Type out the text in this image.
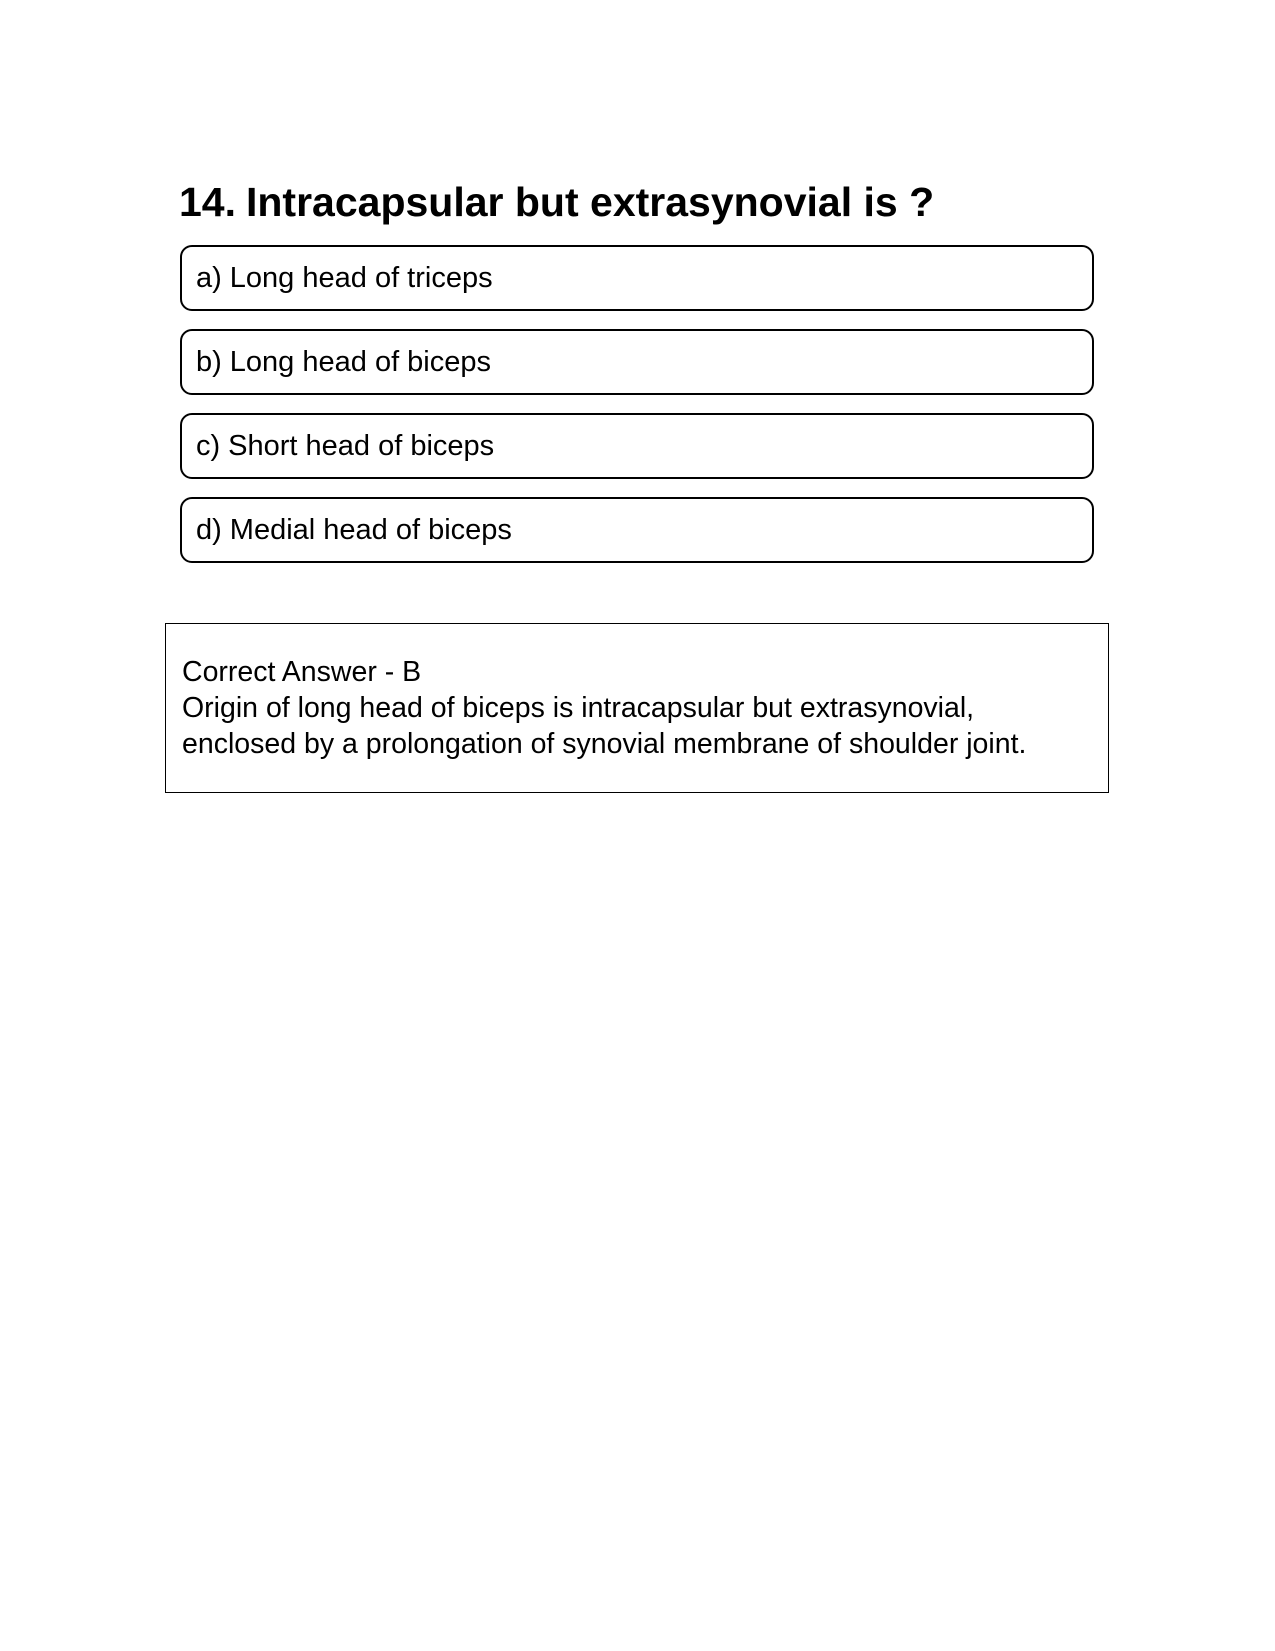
14. Intracapsular but extrasynovial is ?
a) Long head of triceps
b) Long head of biceps
c) Short head of biceps
d) Medial head of biceps

Correct Answer - B

Origin of long head of biceps is intracapsular but extrasynovial,

enclosed by a prolongation of synovial membrane of shoulder joint.
